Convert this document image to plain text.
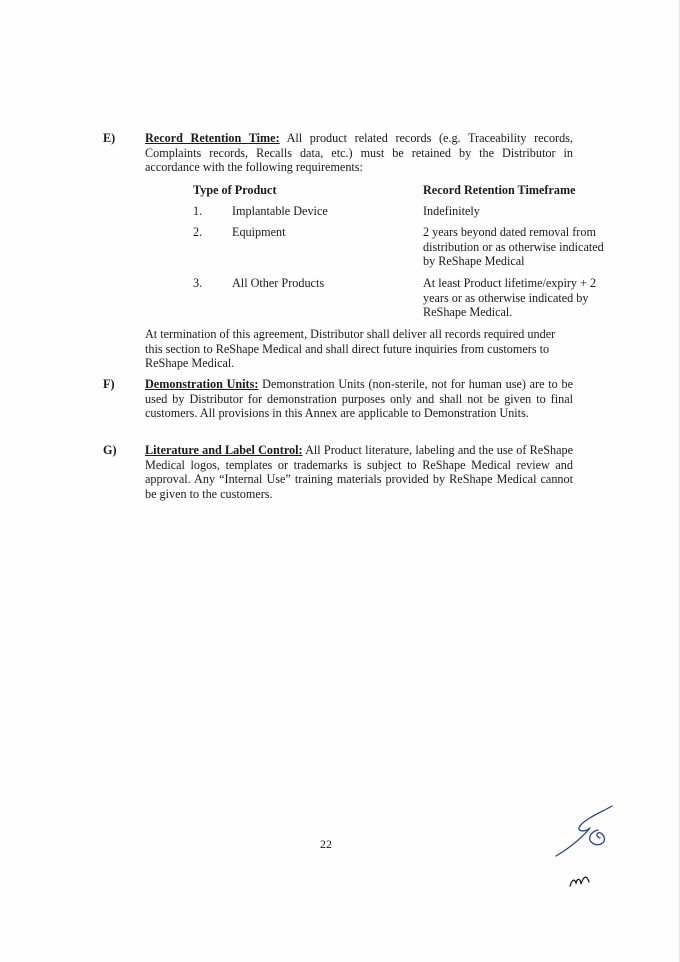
E)	Record Retention Time: All product related records (e.g. Traceability records, Complaints records, Recalls data, etc.) must be retained by the Distributor in accordance with the following requirements:
Type of Product	Record Retention Timeframe
1. Implantable Device	Indefinitely
2. Equipment	2 years beyond dated removal from distribution or as otherwise indicated by ReShape Medical
3. All Other Products	At least Product lifetime/expiry + 2 years or as otherwise indicated by ReShape Medical.
At termination of this agreement, Distributor shall deliver all records required under this section to ReShape Medical and shall direct future inquiries from customers to ReShape Medical.
F)	Demonstration Units: Demonstration Units (non-sterile, not for human use) are to be used by Distributor for demonstration purposes only and shall not be given to final customers. All provisions in this Annex are applicable to Demonstration Units.
G)	Literature and Label Control: All Product literature, labeling and the use of ReShape Medical logos, templates or trademarks is subject to ReShape Medical review and approval. Any “Internal Use” training materials provided by ReShape Medical cannot be given to the customers.
22
